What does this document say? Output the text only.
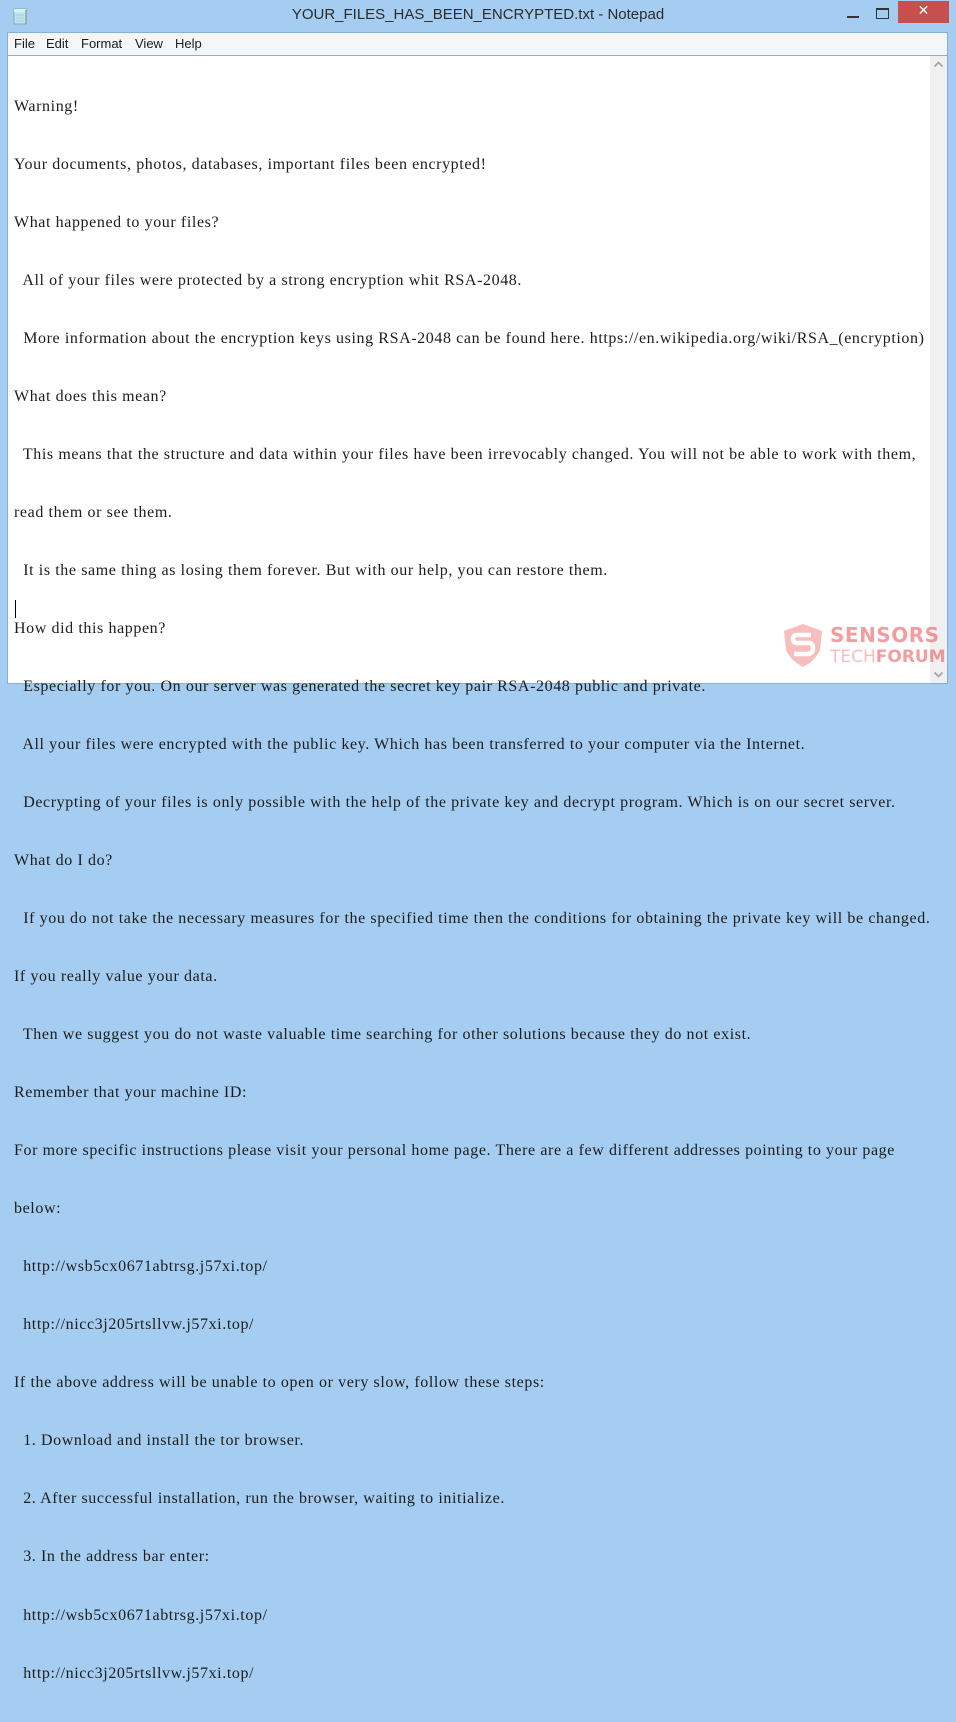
YOUR_FILES_HAS_BEEN_ENCRYPTED.txt - Notepad	✕
File Edit Format View Help

Warning!

Your documents, photos, databases, important files been encrypted!

What happened to your files?

All of your files were protected by a strong encryption whit RSA-2048.

More information about the encryption keys using RSA-2048 can be found here. https://en.wikipedia.org/wiki/RSA_(encryption)

What does this mean?

This means that the structure and data within your files have been irrevocably changed. You will not be able to work with them,

read them or see them.

It is the same thing as losing them forever. But with our help, you can restore them.

How did this happen?

Especially for you. On our server was generated the secret key pair RSA-2048 public and private.

All your files were encrypted with the public key. Which has been transferred to your computer via the Internet.

Decrypting of your files is only possible with the help of the private key and decrypt program. Which is on our secret server.

What do I do?

If you do not take the necessary measures for the specified time then the conditions for obtaining the private key will be changed.

If you really value your data.

Then we suggest you do not waste valuable time searching for other solutions because they do not exist.

Remember that your machine ID:

For more specific instructions please visit your personal home page. There are a few different addresses pointing to your page

below:

http://wsb5cx0671abtrsg.j57xi.top/

http://nicc3j205rtsllvw.j57xi.top/

If the above address will be unable to open or very slow, follow these steps:

1. Download and install the tor browser.

2. After successful installation, run the browser, waiting to initialize.

3. In the address bar enter:

http://wsb5cx0671abtrsg.j57xi.top/

http://nicc3j205rtsllvw.j57xi.top/

SENSORS
TECHFORUM
